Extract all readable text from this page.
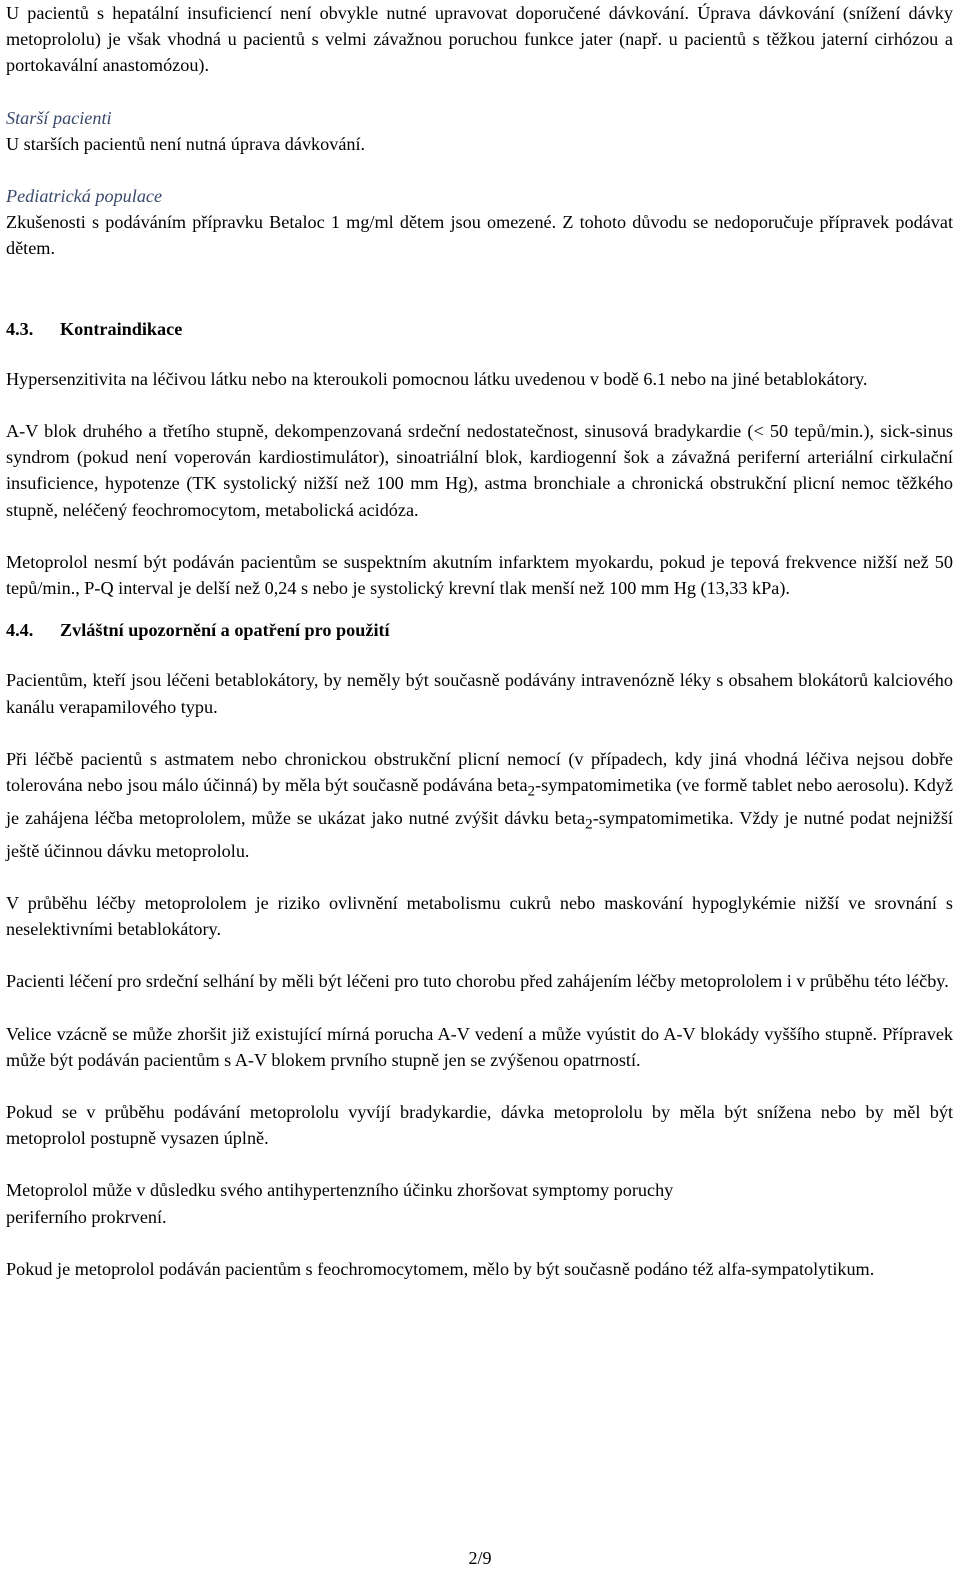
U pacientů s hepatální insuficiencí není obvykle nutné upravovat doporučené dávkování. Úprava dávkování (snížení dávky metoprololu) je však vhodná u pacientů s velmi závažnou poruchou funkce jater (např. u pacientů s těžkou jaterní cirhózou a portokavální anastomózou).

Starší pacienti

U starších pacientů není nutná úprava dávkování.

Pediatrická populace

Zkušenosti s podáváním přípravku Betaloc 1 mg/ml dětem jsou omezené. Z tohoto důvodu se nedoporučuje přípravek podávat dětem.

4.3. Kontraindikace

Hypersenzitivita na léčivou látku nebo na kteroukoli pomocnou látku uvedenou v bodě 6.1 nebo na jiné betablokátory.

A-V blok druhého a třetího stupně, dekompenzovaná srdeční nedostatečnost, sinusová bradykardie (< 50 tepů/min.), sick-sinus syndrom (pokud není voperován kardiostimulátor), sinoatriální blok, kardiogenní šok a závažná periferní arteriální cirkulační insuficience, hypotenze (TK systolický nižší než 100 mm Hg), astma bronchiale a chronická obstrukční plicní nemoc těžkého stupně, neléčený feochromocytom, metabolická acidóza.

Metoprolol nesmí být podáván pacientům se suspektním akutním infarktem myokardu, pokud je tepová frekvence nižší než 50 tepů/min., P-Q interval je delší než 0,24 s nebo je systolický krevní tlak menší než 100 mm Hg (13,33 kPa).

4.4. Zvláštní upozornění a opatření pro použití

Pacientům, kteří jsou léčeni betablokátory, by neměly být současně podávány intravenózně léky s obsahem blokátorů kalciového kanálu verapamilového typu.

Při léčbě pacientů s astmatem nebo chronickou obstrukční plicní nemocí (v případech, kdy jiná vhodná léčiva nejsou dobře tolerována nebo jsou málo účinná) by měla být současně podávána beta$_2$-sympatomimetika (ve formě tablet nebo aerosolu). Když je zahájena léčba metoprololem, může se ukázat jako nutné zvýšit dávku beta$_2$-sympatomimetika. Vždy je nutné podat nejnižší ještě účinnou dávku metoprololu.

V průběhu léčby metoprololem je riziko ovlivnění metabolismu cukrů nebo maskování hypoglykémie nižší ve srovnání s neselektivními betablokátory.

Pacienti léčení pro srdeční selhání by měli být léčeni pro tuto chorobu před zahájením léčby metoprololem i v průběhu této léčby.

Velice vzácně se může zhoršit již existující mírná porucha A-V vedení a může vyústit do A-V blokády vyššího stupně. Přípravek může být podáván pacientům s A-V blokem prvního stupně jen se zvýšenou opatrností.

Pokud se v průběhu podávání metoprololu vyvíjí bradykardie, dávka metoprololu by měla být snížena nebo by měl být metoprolol postupně vysazen úplně.

Metoprolol může v důsledku svého antihypertenzního účinku zhoršovat symptomy poruchy
periferního prokrvení.

Pokud je metoprolol podáván pacientům s feochromocytomem, mělo by být současně podáno též alfa-sympatolytikum.

2/9
